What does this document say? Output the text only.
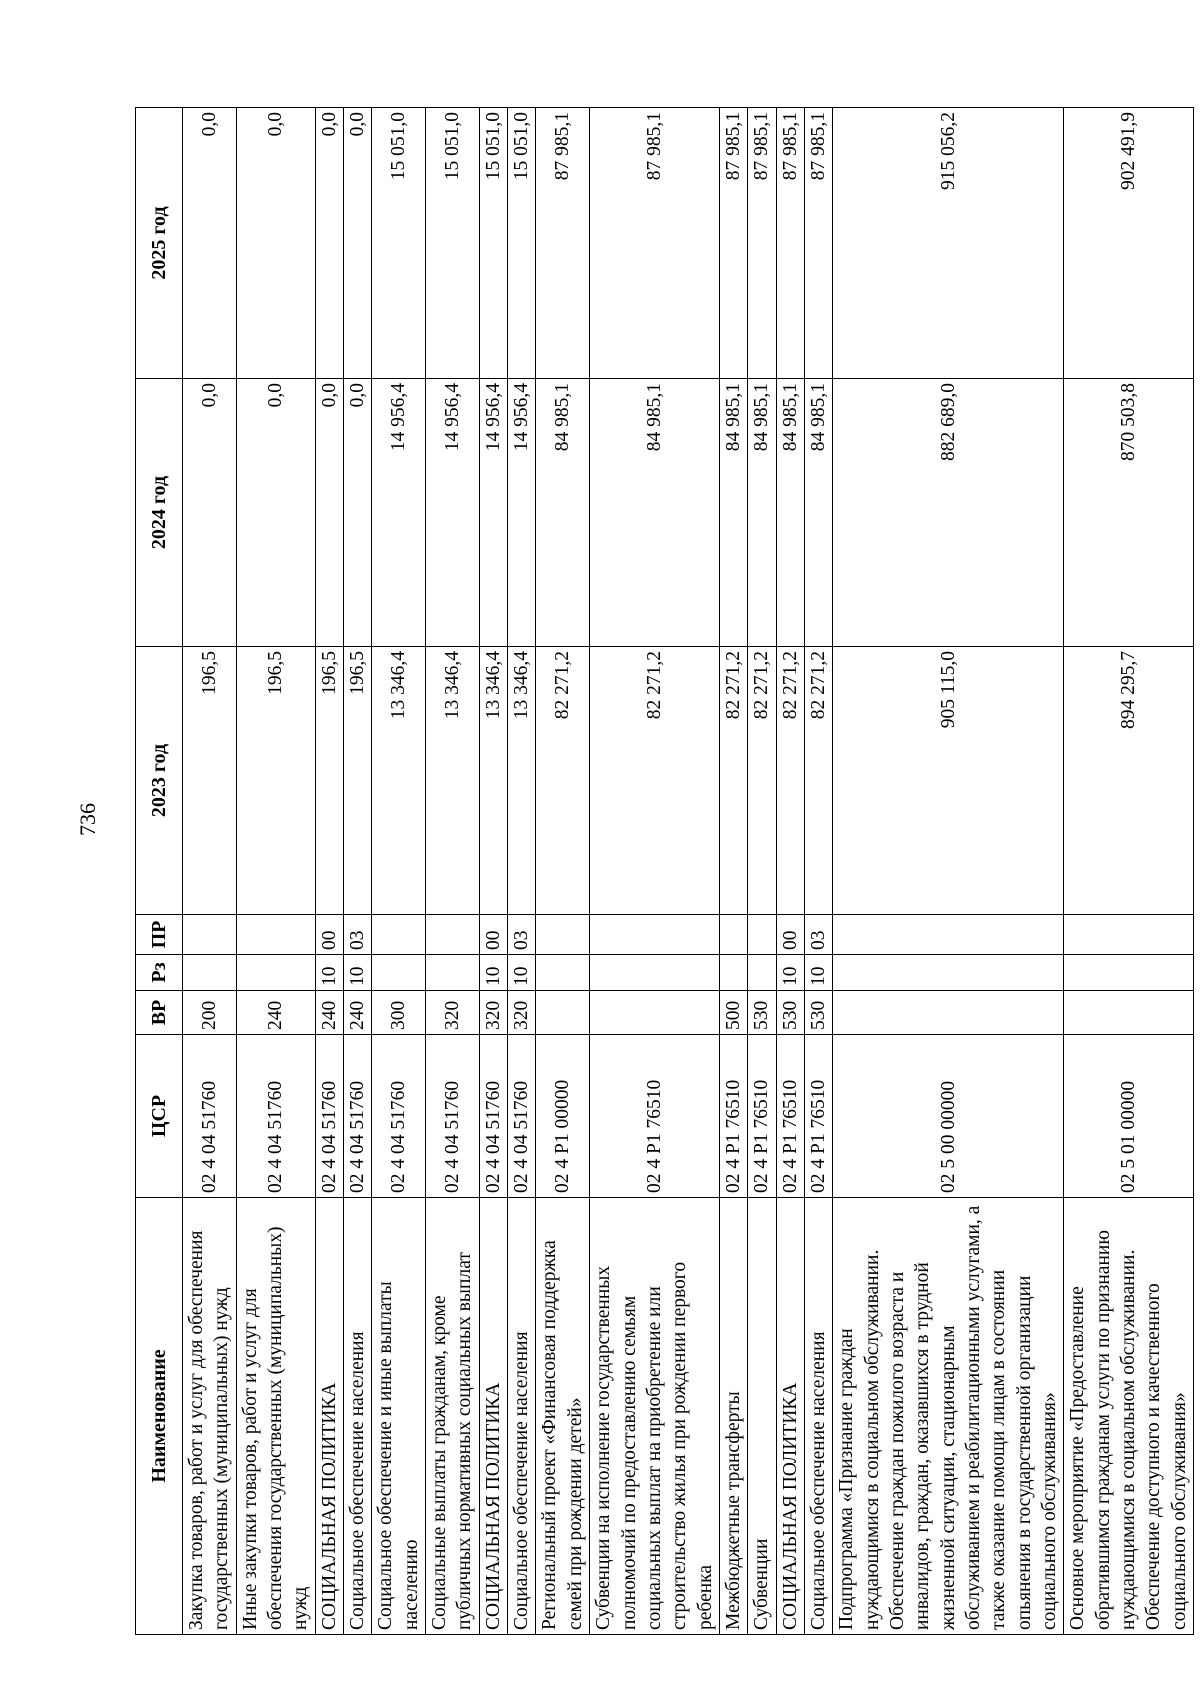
736
Наименование	ЦСР	ВР	Рз	ПР	2023 год	2024 год	2025 год
Закупка товаров, работ и услуг для обеспечения государственных (муниципальных) нужд	02 4 04 51760	200			196,5	0,0	0,0
Иные закупки товаров, работ и услуг для обеспечения государственных (муниципальных) нужд	02 4 04 51760	240			196,5	0,0	0,0
СОЦИАЛЬНАЯ ПОЛИТИКА	02 4 04 51760	240	10	00	196,5	0,0	0,0
Социальное обеспечение населения	02 4 04 51760	240	10	03	196,5	0,0	0,0
Социальное обеспечение и иные выплаты населению	02 4 04 51760	300			13 346,4	14 956,4	15 051,0
Социальные выплаты гражданам, кроме публичных нормативных социальных выплат	02 4 04 51760	320			13 346,4	14 956,4	15 051,0
СОЦИАЛЬНАЯ ПОЛИТИКА	02 4 04 51760	320	10	00	13 346,4	14 956,4	15 051,0
Социальное обеспечение населения	02 4 04 51760	320	10	03	13 346,4	14 956,4	15 051,0
Региональный проект «Финансовая поддержка семей при рождении детей»	02 4 Р1 00000				82 271,2	84 985,1	87 985,1
Субвенции на исполнение государственных полномочий по предоставлению семьям социальных выплат на приобретение или строительство жилья при рождении первого ребенка	02 4 Р1 76510				82 271,2	84 985,1	87 985,1
Межбюджетные трансферты	02 4 Р1 76510	500			82 271,2	84 985,1	87 985,1
Субвенции	02 4 Р1 76510	530			82 271,2	84 985,1	87 985,1
СОЦИАЛЬНАЯ ПОЛИТИКА	02 4 Р1 76510	530	10	00	82 271,2	84 985,1	87 985,1
Социальное обеспечение населения	02 4 Р1 76510	530	10	03	82 271,2	84 985,1	87 985,1
Подпрограмма «Признание граждан нуждающимися в социальном обслуживании. Обеспечение граждан пожилого возраста и инвалидов, граждан, оказавшихся в трудной жизненной ситуации, стационарным обслуживанием и реабилитационными услугами, а также оказание помощи лицам в состоянии опьянения в государственной организации социального обслуживания»	02 5 00 00000				905 115,0	882 689,0	915 056,2
Основное мероприятие «Предоставление обратившимся гражданам услуги по признанию нуждающимися в социальном обслуживании. Обеспечение доступного и качественного социального обслуживания»	02 5 01 00000				894 295,7	870 503,8	902 491,9
